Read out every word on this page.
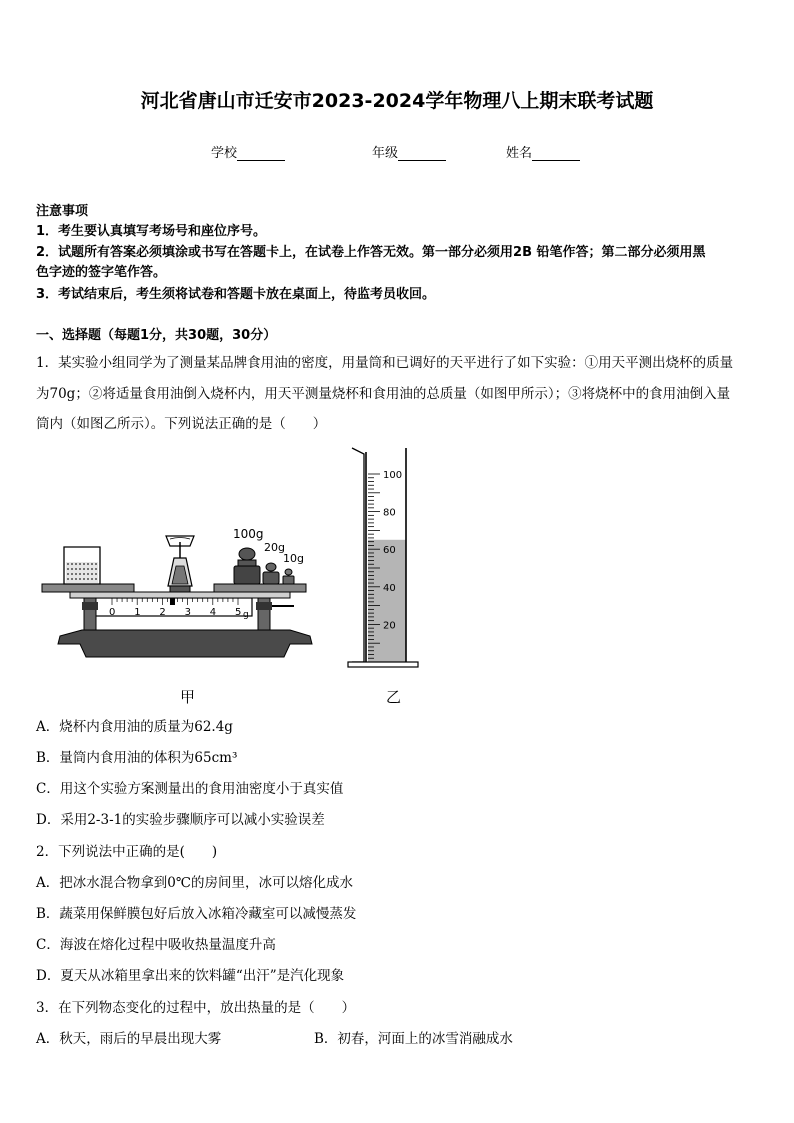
河北省唐山市迁安市2023-2024学年物理八上期末联考试题
学校	年级	姓名
注意事项
1．考生要认真填写考场号和座位序号。
2．试题所有答案必须填涂或书写在答题卡上，在试卷上作答无效。第一部分必须用2B 铅笔作答；第二部分必须用黑
色字迹的签字笔作答。
3．考试结束后，考生须将试卷和答题卡放在桌面上，待监考员收回。
一、选择题（每题1分，共30题，30分）
1．某实验小组同学为了测量某品牌食用油的密度，用量筒和已调好的天平进行了如下实验：①用天平测出烧杯的质量
为70g；②将适量食用油倒入烧杯内，用天平测量烧杯和食用油的总质量（如图甲所示）；③将烧杯中的食用油倒入量
筒内（如图乙所示）。下列说法正确的是（　　）
0 1 2 3 4 5 g
100g
20g
10g
100
80
60
40
20
甲	乙
A．烧杯内食用油的质量为62.4g
B．量筒内食用油的体积为65cm³
C．用这个实验方案测量出的食用油密度小于真实值
D．采用2-3-1的实验步骤顺序可以减小实验误差
2．下列说法中正确的是(　　)
A．把冰水混合物拿到0℃的房间里，冰可以熔化成水
B．蔬菜用保鲜膜包好后放入冰箱冷藏室可以减慢蒸发
C．海波在熔化过程中吸收热量温度升高
D．夏天从冰箱里拿出来的饮料罐“出汗”是汽化现象
3．在下列物态变化的过程中，放出热量的是（　　）
A．秋天，雨后的早晨出现大雾	B．初春，河面上的冰雪消融成水
